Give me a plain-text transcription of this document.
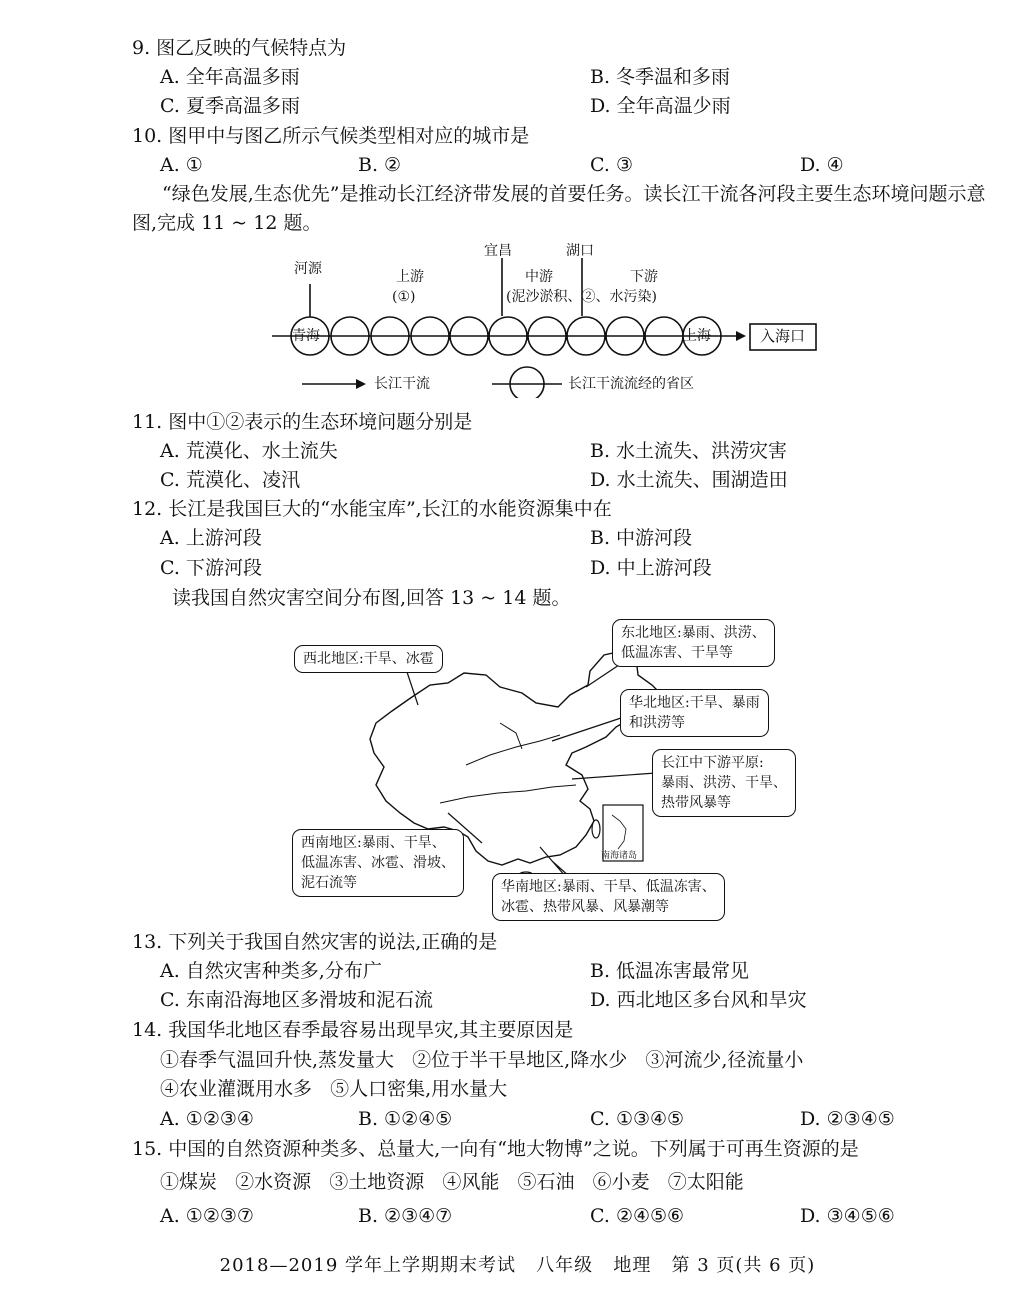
9. 图乙反映的气候特点为
A. 全年高温多雨	B. 冬季温和多雨
C. 夏季高温多雨	D. 全年高温少雨
10. 图甲中与图乙所示气候类型相对应的城市是
A. ①	B. ②	C. ③	D. ④
“绿色发展,生态优先”是推动长江经济带发展的首要任务。读长江干流各河段主要生态环境问题示意图,完成 11 ~ 12 题。
河源	上游
(①)
宜昌	湖口
中游	下游
(泥沙淤积、②、水污染)
青海	上海	入海口
长江干流	长江干流流经的省区
11. 图中①②表示的生态环境问题分别是
A. 荒漠化、水土流失	B. 水土流失、洪涝灾害
C. 荒漠化、凌汛	D. 水土流失、围湖造田
12. 长江是我国巨大的“水能宝库”,长江的水能资源集中在
A. 上游河段	B. 中游河段
C. 下游河段	D. 中上游河段
读我国自然灾害空间分布图,回答 13 ~ 14 题。
西北地区:干旱、冰雹
东北地区:暴雨、洪涝、
低温冻害、干旱等
华北地区:干旱、暴雨
和洪涝等
长江中下游平原:
暴雨、洪涝、干旱、
热带风暴等
西南地区:暴雨、干旱、
低温冻害、冰雹、滑坡、
泥石流等	华南地区:暴雨、干旱、低温冻害、
冰雹、热带风暴、风暴潮等
南海诸岛
13. 下列关于我国自然灾害的说法,正确的是
A. 自然灾害种类多,分布广	B. 低温冻害最常见
C. 东南沿海地区多滑坡和泥石流	D. 西北地区多台风和旱灾
14. 我国华北地区春季最容易出现旱灾,其主要原因是
①春季气温回升快,蒸发量大   ②位于半干旱地区,降水少   ③河流少,径流量小
④农业灌溉用水多   ⑤人口密集,用水量大
A. ①②③④	B. ①②④⑤	C. ①③④⑤	D. ②③④⑤
15. 中国的自然资源种类多、总量大,一向有“地大物博”之说。下列属于可再生资源的是
①煤炭   ②水资源   ③土地资源   ④风能   ⑤石油   ⑥小麦   ⑦太阳能
A. ①②③⑦	B. ②③④⑦	C. ②④⑤⑥	D. ③④⑤⑥
2018—2019 学年上学期期末考试   八年级   地理   第 3 页(共 6 页)
